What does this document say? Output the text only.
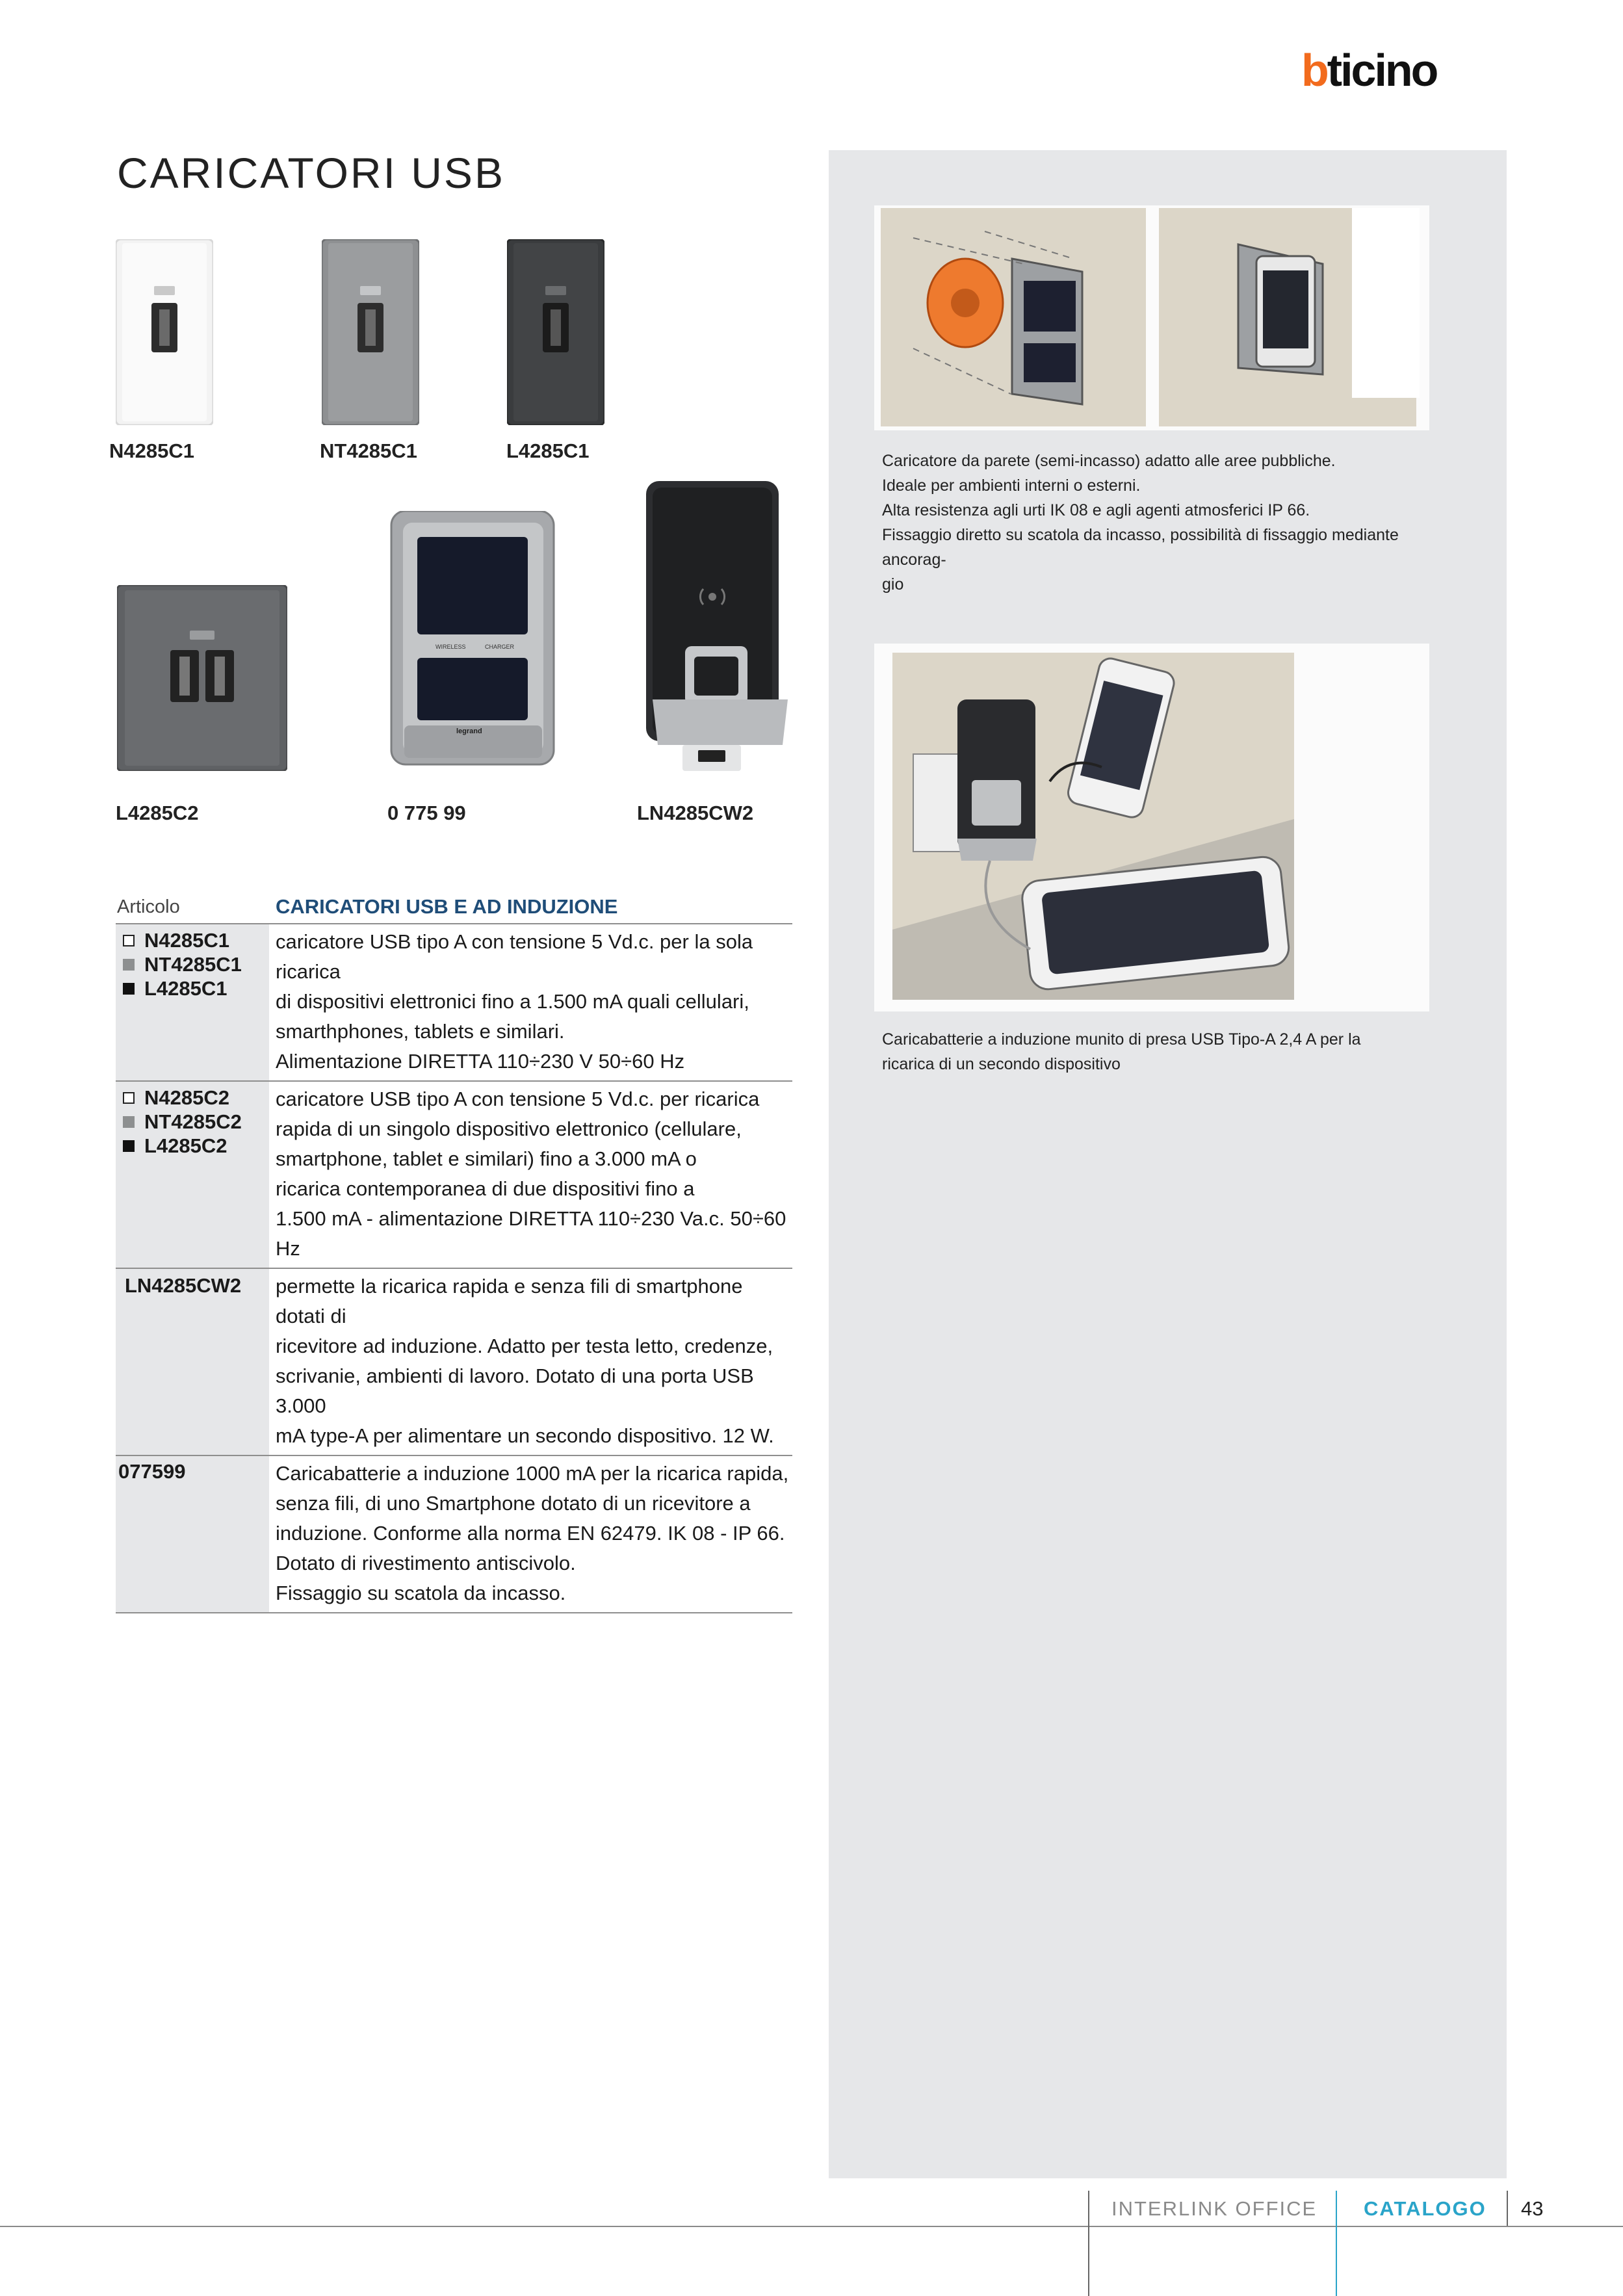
bticino
CARICATORI USB
N4285C1	NT4285C1	L4285C1
L4285C2
WIRELESS	CHARGER
legrand
0 775 99	LN4285CW2
Caricatore da parete (semi-incasso) adatto alle aree pubbliche.
Ideale per ambienti interni o esterni.
Alta resistenza agli urti IK 08 e agli agenti atmosferici IP 66.
Fissaggio diretto su scatola da incasso, possibilità di fissaggio mediante ancorag-
gio
Caricabatterie a induzione munito di presa USB Tipo-A 2,4 A per la
ricarica di un secondo dispositivo
Articolo	CARICATORI USB E AD INDUZIONE
N4285C1
NT4285C1
L4285C1
caricatore USB tipo A con tensione 5 Vd.c. per la sola ricarica
di dispositivi elettronici fino a 1.500 mA quali cellulari,
smarthphones, tablets e similari.
Alimentazione DIRETTA 110÷230 V 50÷60 Hz
N4285C2
NT4285C2
L4285C2
caricatore USB tipo A con tensione 5 Vd.c. per ricarica
rapida di un singolo dispositivo elettronico (cellulare,
smartphone, tablet e similari) fino a 3.000 mA o
ricarica contemporanea di due dispositivi fino a
1.500 mA - alimentazione DIRETTA 110÷230 Va.c. 50÷60 Hz
LN4285CW2 permette la ricarica rapida e senza fili di smartphone dotati di
ricevitore ad induzione. Adatto per testa letto, credenze,
scrivanie, ambienti di lavoro. Dotato di una porta USB 3.000
mA type-A per alimentare un secondo dispositivo. 12 W.
077599	Caricabatterie a induzione 1000 mA per la ricarica rapida,
senza fili, di uno Smartphone dotato di un ricevitore a
induzione. Conforme alla norma EN 62479. IK 08 - IP 66.
Dotato di rivestimento antiscivolo.
Fissaggio su scatola da incasso.
INTERLINK OFFICE CATALOGO 43
